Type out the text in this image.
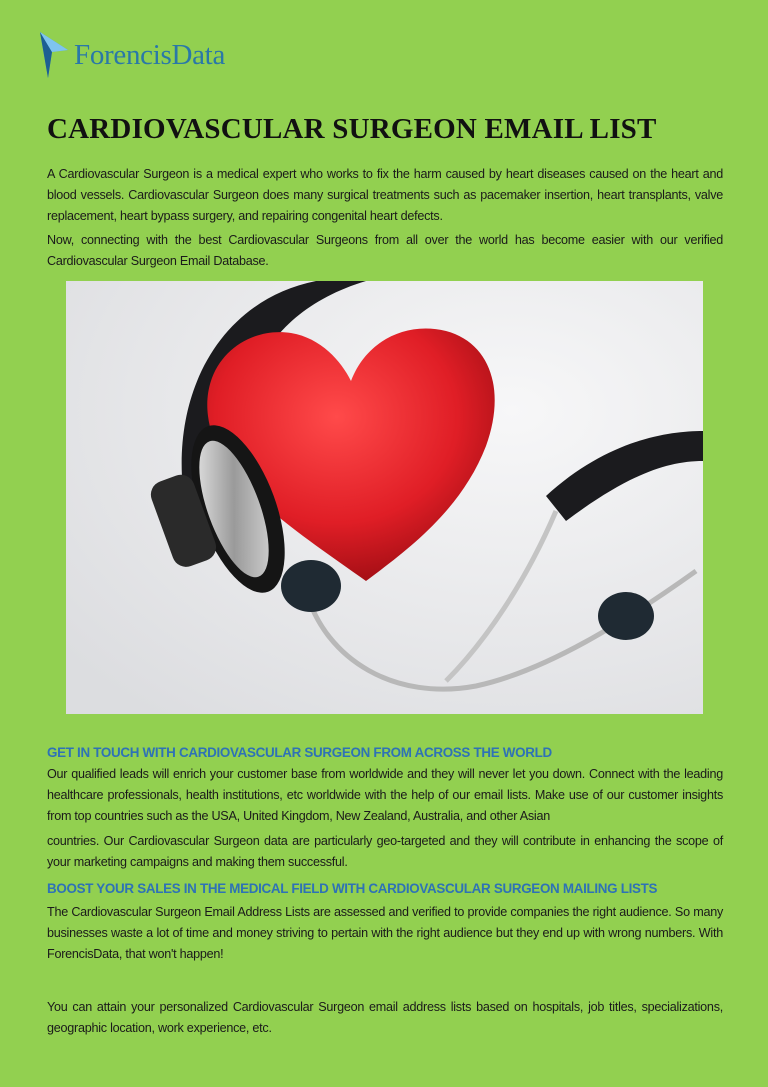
ForencisData
CARDIOVASCULAR SURGEON EMAIL LIST

A Cardiovascular Surgeon is a medical expert who works to fix the harm caused by heart diseases caused on the heart and blood vessels. Cardiovascular Surgeon does many surgical treatments such as pacemaker insertion, heart transplants, valve replacement, heart bypass surgery, and repairing congenital heart defects.

Now, connecting with the best Cardiovascular Surgeons from all over the world has become easier with our verified Cardiovascular Surgeon Email Database.

GET IN TOUCH WITH CARDIOVASCULAR SURGEON FROM ACROSS THE WORLD

Our qualified leads will enrich your customer base from worldwide and they will never let you down. Connect with the leading healthcare professionals, health institutions, etc worldwide with the help of our email lists. Make use of our customer insights from top countries such as the USA, United Kingdom, New Zealand, Australia, and other Asian

countries. Our Cardiovascular Surgeon data are particularly geo-targeted and they will contribute in enhancing the scope of your marketing campaigns and making them successful.

BOOST YOUR SALES IN THE MEDICAL FIELD WITH CARDIOVASCULAR SURGEON MAILING LISTS

The Cardiovascular Surgeon Email Address Lists are assessed and verified to provide companies the right audience. So many businesses waste a lot of time and money striving to pertain with the right audience but they end up with wrong numbers. With ForencisData, that won't happen!

You can attain your personalized Cardiovascular Surgeon email address lists based on hospitals, job titles, specializations, geographic location, work experience, etc.
